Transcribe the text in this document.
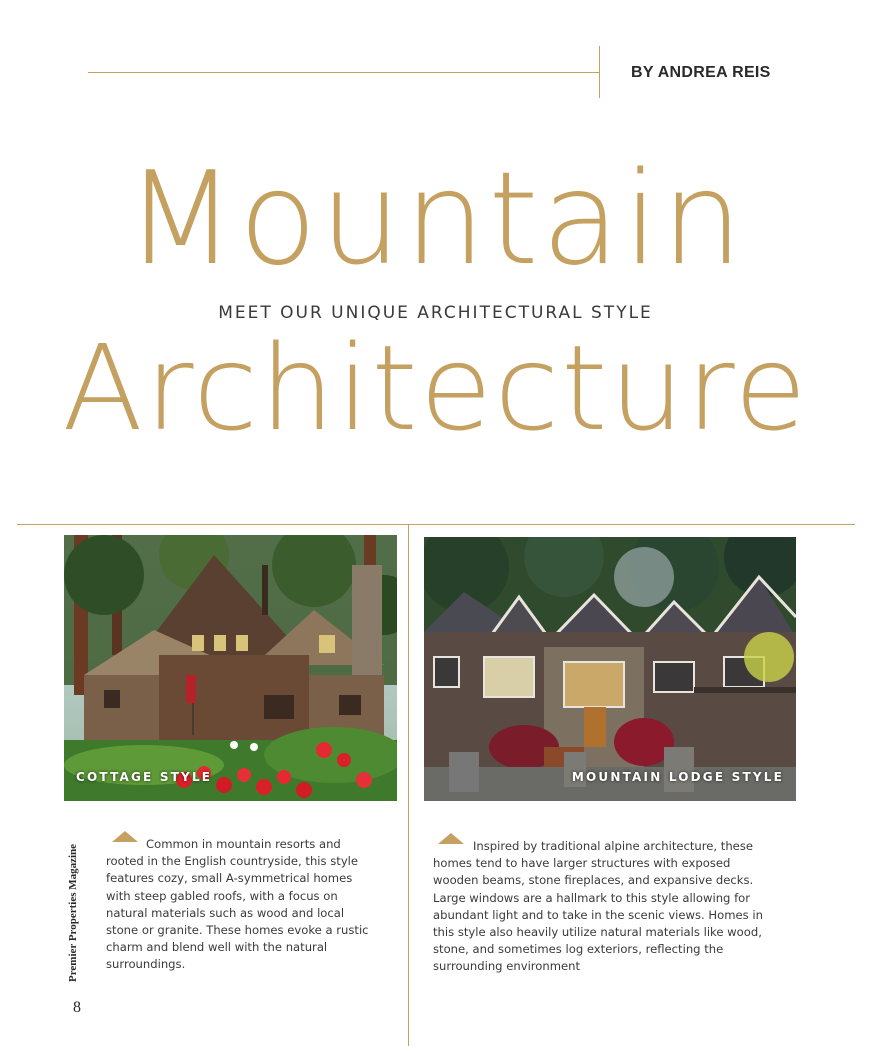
BY ANDREA REIS
Mountain
MEET OUR UNIQUE ARCHITECTURAL STYLE
Architecture
COTTAGE STYLE	MOUNTAIN LODGE STYLE

Common in mountain resorts and rooted in the English countryside, this style features cozy, small A-symmetrical homes with steep gabled roofs, with a focus on natural materials such as wood and local stone or granite. These homes evoke a rustic charm and blend well with the natural surroundings.

Inspired by traditional alpine architecture, these homes tend to have larger structures with exposed wooden beams, stone fireplaces, and expansive decks. Large windows are a hallmark to this style allowing for abundant light and to take in the scenic views. Homes in this style also heavily utilize natural materials like wood, stone, and sometimes log exteriors, reflecting the surrounding environment

Premier Properties Magazine
8
